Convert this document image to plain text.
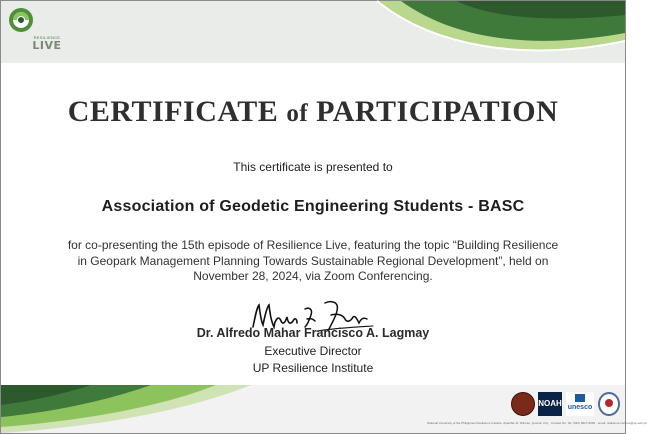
RESILIENCE
LIVE
CERTIFICATE of PARTICIPATION
This certificate is presented to
Association of Geodetic Engineering Students - BASC
for co-presenting the 15th episode of Resilience Live, featuring the topic “Building Resilience
in Geopark Management Planning Towards Sustainable Regional Development”, held on
November 28, 2024, via Zoom Conferencing.
Dr. Alfredo Mahar Francisco A. Lagmay
Executive Director
UP Resilience Institute
NOAH unesco
National University of the Philippines Resilience Institute, Apacible St. Diliman, Quezon City · Contact No. Tel. (632) 8927-9000 · email: resilience.institute@up.edu.ph
